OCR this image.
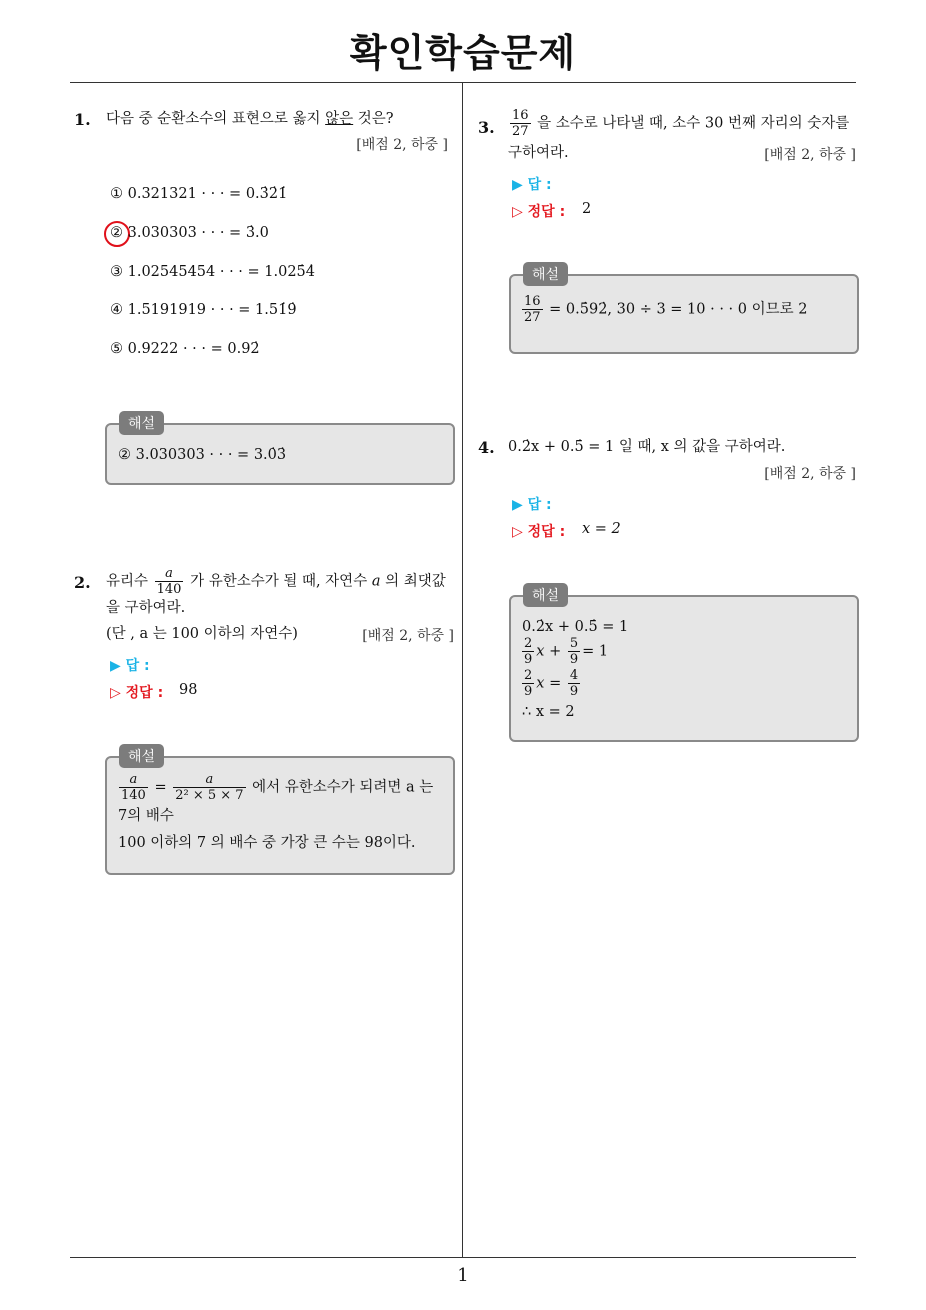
확인학습문제
1
1. 다음 중 순환소수의 표현으로 옳지 않은 것은?
[배점 2, 하중 ]
① 0.321321 · · · = 0.3̇2̇1̇
② 3.030303 · · · = 3̇.0
③ 1.02545454 · · · = 1.025̇4̇
④ 1.5191919 · · · = 1.51̇9̇
⑤ 0.9222 · · · = 0.92̇
해설
② 3.030303 · · · = 3.0̇3̇
2. 유리수 $\frac{a}{140}$ 가 유한소수가 될 때, 자연수 a 의 최댓값
을 구하여라.
(단 , a 는 100 이하의 자연수)	[배점 2, 하중 ]
▶ 답 :
▷ 정답 : 98
해설
$\frac{a}{140} = \frac{a}{\text{2² × 5 × 7}}$ 에서 유한소수가 되려면 a 는
7의 배수
100 이하의 7 의 배수 중 가장 큰 수는 98이다.
3. $\frac{16}{27}$ 을 소수로 나타낼 때, 소수 30 번째 자리의 숫자를
구하여라.	[배점 2, 하중 ]
▶ 답 :
▷ 정답 : 2
해설
$\frac{16}{27}$ = 0.5̇92̇, 30 ÷ 3 = 10 · · · 0 이므로 2
4. 0.2̇x + 0.5̇ = 1 일 때, x 의 값을 구하여라.
[배점 2, 하중 ]
▶ 답 :
▷ 정답 : x = 2
해설
0.2̇x + 0.5̇ = 1
$\frac{2}{9}$ $x + \frac{5}{9} = 1$
$\frac{2}{9}$ $x = \frac{4}{9}$
∴ x = 2
